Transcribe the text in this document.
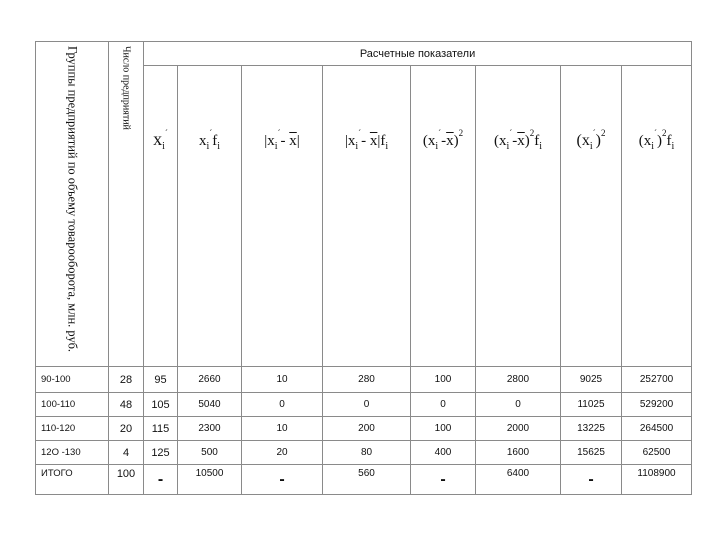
Группы предприятий по объему товарооборота, млн. руб.	Число предприятий	Расчетные показатели							
		$x_i^´$	$x_i^´f_i$	$|x_i^´-$ $\overline{x}|$	$|x_i^´-$ $\overline{x}|f_i$	$(x_i^´-\overline{x})^2$	$(x_i^´-\overline{x})^2f_i$	$(x_i^´)^2$	$(x_i^´)^2f_i$
90-100	28	95	2660	10	280	100	2800	9025	252700
100-110	48	105	5040	0	0	0	0	11025	529200
110-120	20	115	2300	10	200	100	2000	13225	264500
12О -130	4	125	500	20	80	400	1600	15625	62500
ИТОГО	100	-	10500	-	560	-	6400	-	1108900
